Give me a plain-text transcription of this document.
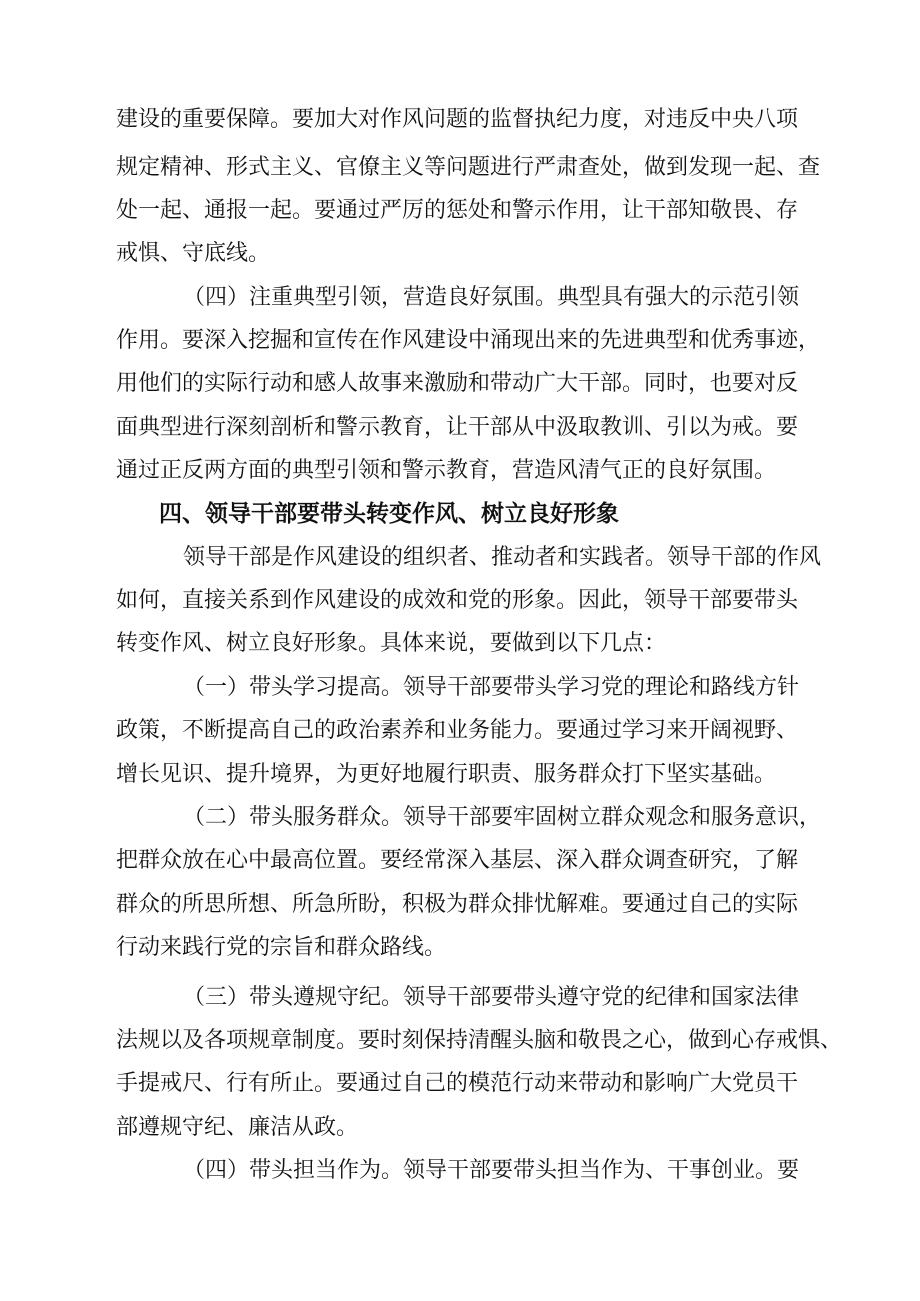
建设的重要保障。要加大对作风问题的监督执纪力度，对违反中央八项
规定精神、形式主义、官僚主义等问题进行严肃查处，做到发现一起、查
处一起、通报一起。要通过严厉的惩处和警示作用，让干部知敬畏、存
戒惧、守底线。
（四）注重典型引领，营造良好氛围。典型具有强大的示范引领
作用。要深入挖掘和宣传在作风建设中涌现出来的先进典型和优秀事迹，
用他们的实际行动和感人故事来激励和带动广大干部。同时，也要对反
面典型进行深刻剖析和警示教育，让干部从中汲取教训、引以为戒。要
通过正反两方面的典型引领和警示教育，营造风清气正的良好氛围。
四、领导干部要带头转变作风、树立良好形象
领导干部是作风建设的组织者、推动者和实践者。领导干部的作风
如何，直接关系到作风建设的成效和党的形象。因此，领导干部要带头
转变作风、树立良好形象。具体来说，要做到以下几点：
（一）带头学习提高。领导干部要带头学习党的理论和路线方针
政策，不断提高自己的政治素养和业务能力。要通过学习来开阔视野、
增长见识、提升境界，为更好地履行职责、服务群众打下坚实基础。
（二）带头服务群众。领导干部要牢固树立群众观念和服务意识，
把群众放在心中最高位置。要经常深入基层、深入群众调查研究，了解
群众的所思所想、所急所盼，积极为群众排忧解难。要通过自己的实际
行动来践行党的宗旨和群众路线。
（三）带头遵规守纪。领导干部要带头遵守党的纪律和国家法律
法规以及各项规章制度。要时刻保持清醒头脑和敬畏之心，做到心存戒惧、
手提戒尺、行有所止。要通过自己的模范行动来带动和影响广大党员干
部遵规守纪、廉洁从政。
（四）带头担当作为。领导干部要带头担当作为、干事创业。要
